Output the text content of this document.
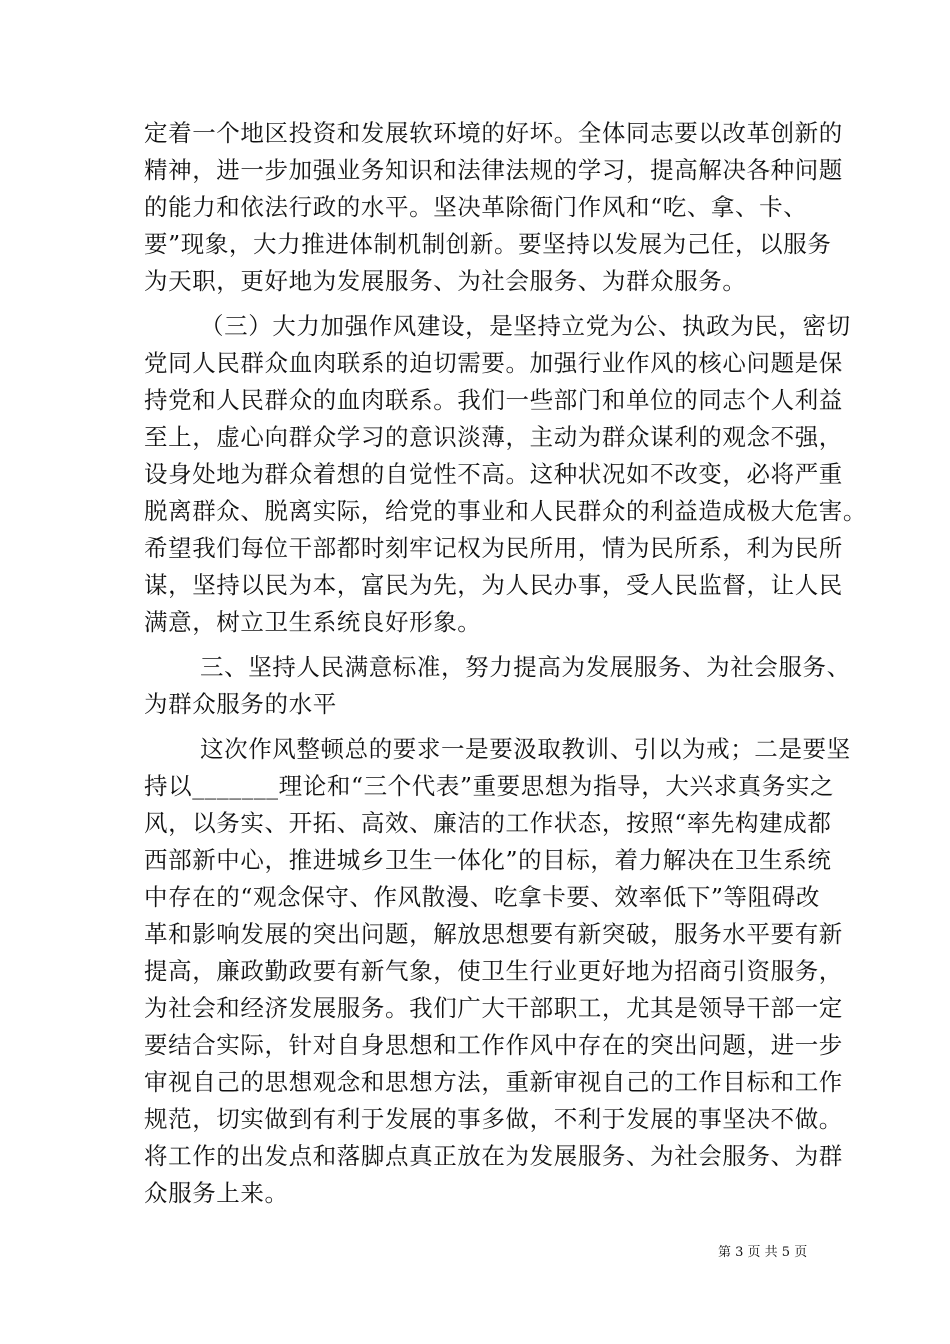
定着一个地区投资和发展软环境的好坏。全体同志要以改革创新的
精神，进一步加强业务知识和法律法规的学习，提高解决各种问题
的能力和依法行政的水平。坚决革除衙门作风和“吃、拿、卡、
要”现象，大力推进体制机制创新。要坚持以发展为己任，以服务
为天职，更好地为发展服务、为社会服务、为群众服务。
（三）大力加强作风建设，是坚持立党为公、执政为民，密切
党同人民群众血肉联系的迫切需要。加强行业作风的核心问题是保
持党和人民群众的血肉联系。我们一些部门和单位的同志个人利益
至上，虚心向群众学习的意识淡薄，主动为群众谋利的观念不强，
设身处地为群众着想的自觉性不高。这种状况如不改变，必将严重
脱离群众、脱离实际，给党的事业和人民群众的利益造成极大危害。
希望我们每位干部都时刻牢记权为民所用，情为民所系，利为民所
谋，坚持以民为本，富民为先，为人民办事，受人民监督，让人民
满意，树立卫生系统良好形象。
三、坚持人民满意标准，努力提高为发展服务、为社会服务、
为群众服务的水平
这次作风整顿总的要求一是要汲取教训、引以为戒；二是要坚
持以_______理论和“三个代表”重要思想为指导，大兴求真务实之
风，以务实、开拓、高效、廉洁的工作状态，按照“率先构建成都
西部新中心，推进城乡卫生一体化”的目标，着力解决在卫生系统
中存在的“观念保守、作风散漫、吃拿卡要、效率低下”等阻碍改
革和影响发展的突出问题，解放思想要有新突破，服务水平要有新
提高，廉政勤政要有新气象，使卫生行业更好地为招商引资服务，
为社会和经济发展服务。我们广大干部职工，尤其是领导干部一定
要结合实际，针对自身思想和工作作风中存在的突出问题，进一步
审视自己的思想观念和思想方法，重新审视自己的工作目标和工作
规范，切实做到有利于发展的事多做，不利于发展的事坚决不做。
将工作的出发点和落脚点真正放在为发展服务、为社会服务、为群
众服务上来。
第 3 页 共 5 页
